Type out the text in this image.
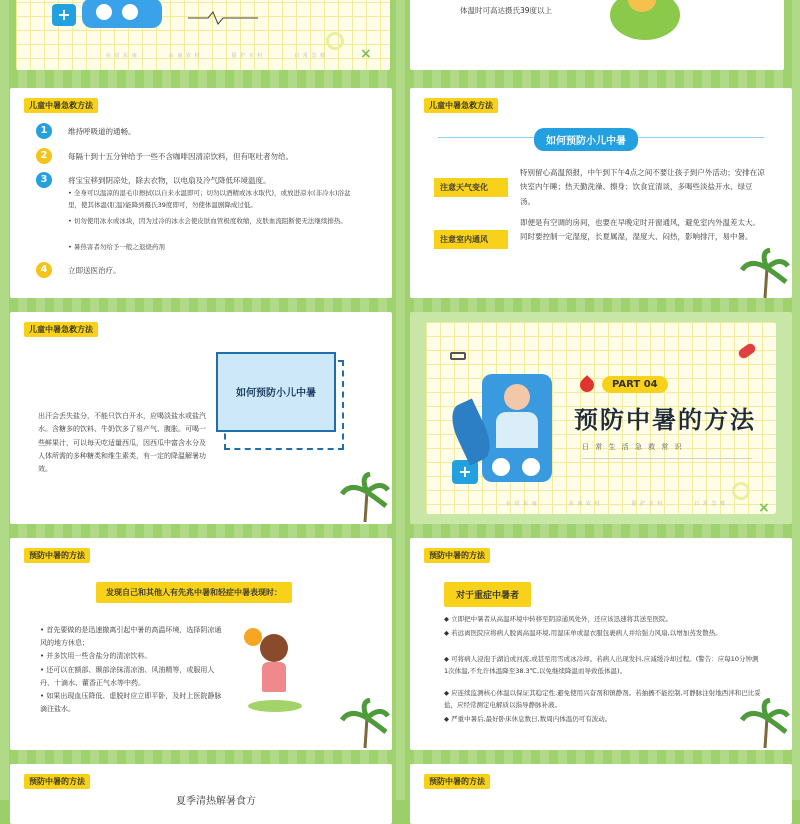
+
在 语 东 南	东 南 农 村	提 护 买 村	日 常 急 救 ×
体温时可高达摄氏39度以上
儿童中暑急救方法
1	维持呼吸道的通畅。
2	每隔十到十五分钟给予一些不含咖啡因清凉饮料，但有呕吐者勿给。
3	将宝宝移到阴凉处，除去衣物，以电扇及冷气降低环境温度。
• 全身可以温凉的湿毛巾擦拭(以自来水温即可；切勿以酒精或冰水取代)，或放进凉水(非冷水)浴盆里，使其体温(肛温)能降到摄氏39度即可，勿使体温剧降成过低。
• 切勿使用冰水或冰块，因为过冷的冰水会使皮肤血管极度收缩，皮肤血流阻断使无法继续排热。
• 暑热害者勿给予一般之退烧药剂
4	立即送医治疗。
儿童中暑急救方法
如何预防小儿中暑
注意天气变化
特别留心高温预报，中午到下午4点之间不要让孩子到户外活动；安排在凉快室内午睡；热天勤洗澡、擦身；饮食宜清谈，多喝些淡盐开水、绿豆汤。
注意室内通风
即便是有空调的房间，也要在早晚定时开窗通风，避免室内外温差太大。同时要控制一定湿度，长夏属湿，湿度大、闷热，影响排汗，易中暑。
儿童中暑急救方法
如何预防小儿中暑
出汗会丢失盐分，不能只饮白开水，应喝淡盐水或盐汽水。含糖多的饮料、牛奶饮多了易产气、腹胀。可喝一些鲜果汁，可以每天吃适量西瓜，因西瓜中富含水分及人体所需的多种糖类和维生素类，有一定的降温解暑功效。	+
PART 04
预防中暑的方法
日 常 生 活 急 救 常 识
在 语 东 南	东 南 农 村	提 护 买 村	日 常 急 救 ×
预防中暑的方法
发现自己和其他人有先兆中暑和轻症中暑表现时：
• 首先要做的是迅速撤离引起中暑的高温环境，选择阴凉通风的地方休息；
• 并多饮用一些含盐分的清凉饮料。
• 还可以在额部、颞部涂抹清凉油、风油精等，或服用人丹、十滴水、藿香正气水等中药。
• 如果出现血压降低、虚脱时应立即平卧，及时上医院静脉滴注盐水。
预防中暑的方法
对于重症中暑者
◆ 立即把中暑者从高温环境中转移至阴凉通风处外，还应该迅速将其送至医院。
◆ 若远离医院应将病人脱离高温环境,用湿床单或湿衣服包裹病人并给强力风扇,以增加蒸发散热。
◆ 可将病人浸泡于湖泊或河流,或甚至用雪或冰冷却。若病人出现发抖,应减缓冷却过程。(警告：应每10分钟测1次体温,不允许体温降至38.3℃,以免继续降温而导致低体温)。
◆ 应连续监测核心体温以保证其稳定性.避免使用兴奋剂和镇静剂。若抽搐不能控制,可静脉注射地西泮和巴比妥盐，应经常测定电解质以指导静脉补液。
◆ 严重中暑后,最好卧床休息数日,数周内体温仍可有波动。
预防中暑的方法
夏季清热解暑食方
预防中暑的方法
